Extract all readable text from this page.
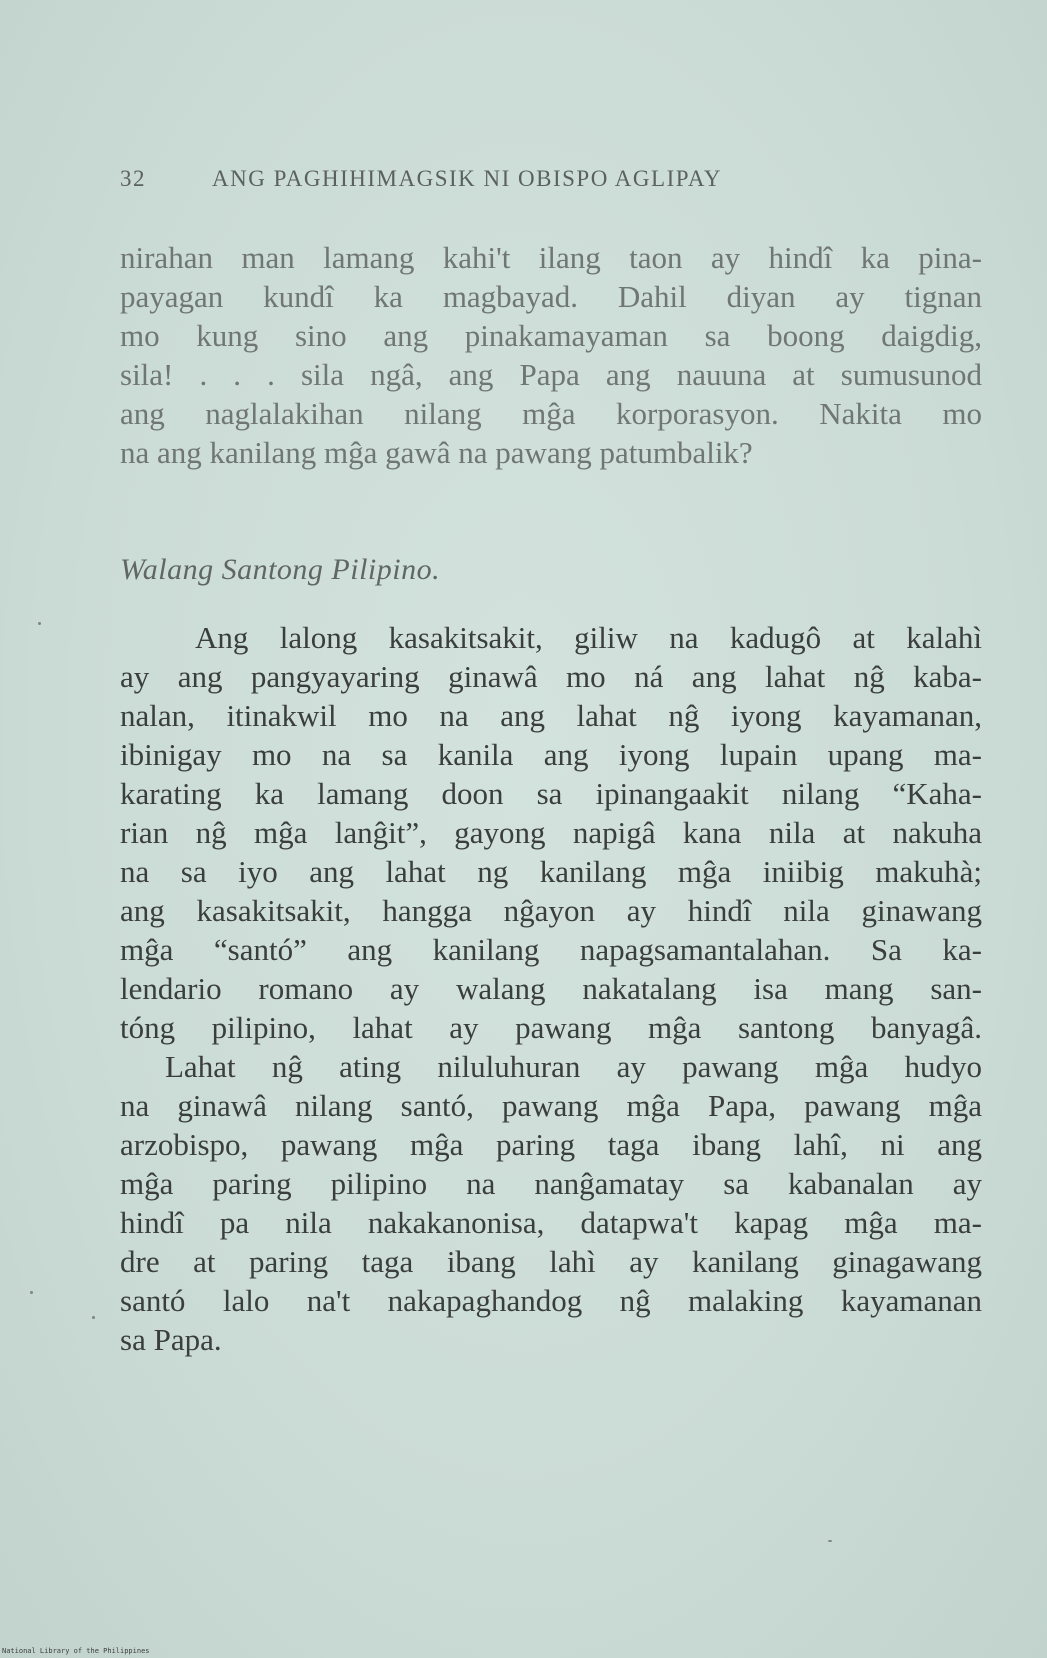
32	ANG PAGHIHIMAGSIK NI OBISPO AGLIPAY
nirahan man lamang kahi't ilang taon ay hindî ka pina-
payagan kundî ka magbayad. Dahil diyan ay tignan
mo kung sino ang pinakamayaman sa boong daigdig,
sila! . . . sila ngâ, ang Papa ang nauuna at sumusunod
ang naglalakihan nilang mĝa korporasyon. Nakita mo
na ang kanilang mĝa gawâ na pawang patumbalik?
Walang Santong Pilipino.
Ang lalong kasakitsakit, giliw na kadugô at kalahì
ay ang pangyayaring ginawâ mo ná ang lahat nĝ kaba-
nalan, itinakwil mo na ang lahat nĝ iyong kayamanan,
ibinigay mo na sa kanila ang iyong lupain upang ma-
karating ka lamang doon sa ipinangaakit nilang “Kaha-
rian nĝ mĝa lanĝit”, gayong napigâ kana nila at nakuha
na sa iyo ang lahat ng kanilang mĝa iniibig makuhà;
ang kasakitsakit, hangga nĝayon ay hindî nila ginawang
mĝa “santó” ang kanilang napagsamantalahan. Sa ka-
lendario romano ay walang nakatalang isa mang san-
tóng pilipino, lahat ay pawang mĝa santong banyagâ.
Lahat nĝ ating niluluhuran ay pawang mĝa hudyo
na ginawâ nilang santó, pawang mĝa Papa, pawang mĝa
arzobispo, pawang mĝa paring taga ibang lahî, ni ang
mĝa paring pilipino na nanĝamatay sa kabanalan ay
hindî pa nila nakakanonisa, datapwa't kapag mĝa ma-
dre at paring taga ibang lahì ay kanilang ginagawang
santó lalo na't nakapaghandog nĝ malaking kayamanan
sa Papa.
National Library of the Philippines
